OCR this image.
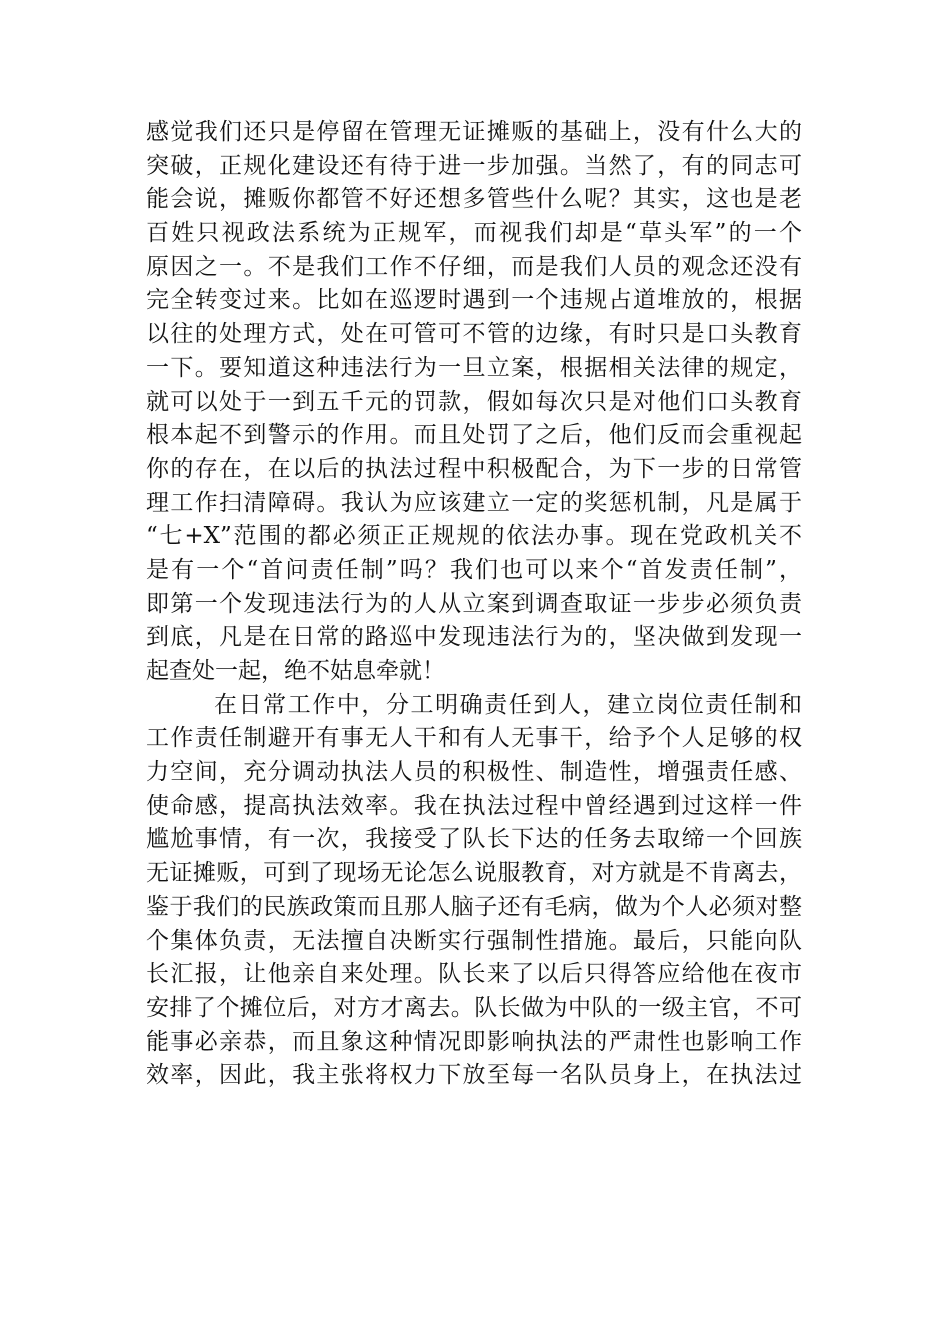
感觉我们还只是停留在管理无证摊贩的基础上，没有什么大的
突破，正规化建设还有待于进一步加强。当然了，有的同志可
能会说，摊贩你都管不好还想多管些什么呢？其实，这也是老
百姓只视政法系统为正规军，而视我们却是“草头军”的一个
原因之一。不是我们工作不仔细，而是我们人员的观念还没有
完全转变过来。比如在巡逻时遇到一个违规占道堆放的，根据
以往的处理方式，处在可管可不管的边缘，有时只是口头教育
一下。要知道这种违法行为一旦立案，根据相关法律的规定，
就可以处于一到五千元的罚款，假如每次只是对他们口头教育
根本起不到警示的作用。而且处罚了之后，他们反而会重视起
你的存在，在以后的执法过程中积极配合，为下一步的日常管
理工作扫清障碍。我认为应该建立一定的奖惩机制，凡是属于
“七+X”范围的都必须正正规规的依法办事。现在党政机关不
是有一个“首问责任制”吗？我们也可以来个“首发责任制”，
即第一个发现违法行为的人从立案到调查取证一步步必须负责
到底，凡是在日常的路巡中发现违法行为的，坚决做到发现一
起查处一起，绝不姑息牵就！
在日常工作中，分工明确责任到人，建立岗位责任制和
工作责任制避开有事无人干和有人无事干，给予个人足够的权
力空间，充分调动执法人员的积极性、制造性，增强责任感、
使命感，提高执法效率。我在执法过程中曾经遇到过这样一件
尴尬事情，有一次，我接受了队长下达的任务去取缔一个回族
无证摊贩，可到了现场无论怎么说服教育，对方就是不肯离去，
鉴于我们的民族政策而且那人脑子还有毛病，做为个人必须对整
个集体负责，无法擅自决断实行强制性措施。最后，只能向队
长汇报，让他亲自来处理。队长来了以后只得答应给他在夜市
安排了个摊位后，对方才离去。队长做为中队的一级主官，不可
能事必亲恭，而且象这种情况即影响执法的严肃性也影响工作
效率，因此，我主张将权力下放至每一名队员身上，在执法过
